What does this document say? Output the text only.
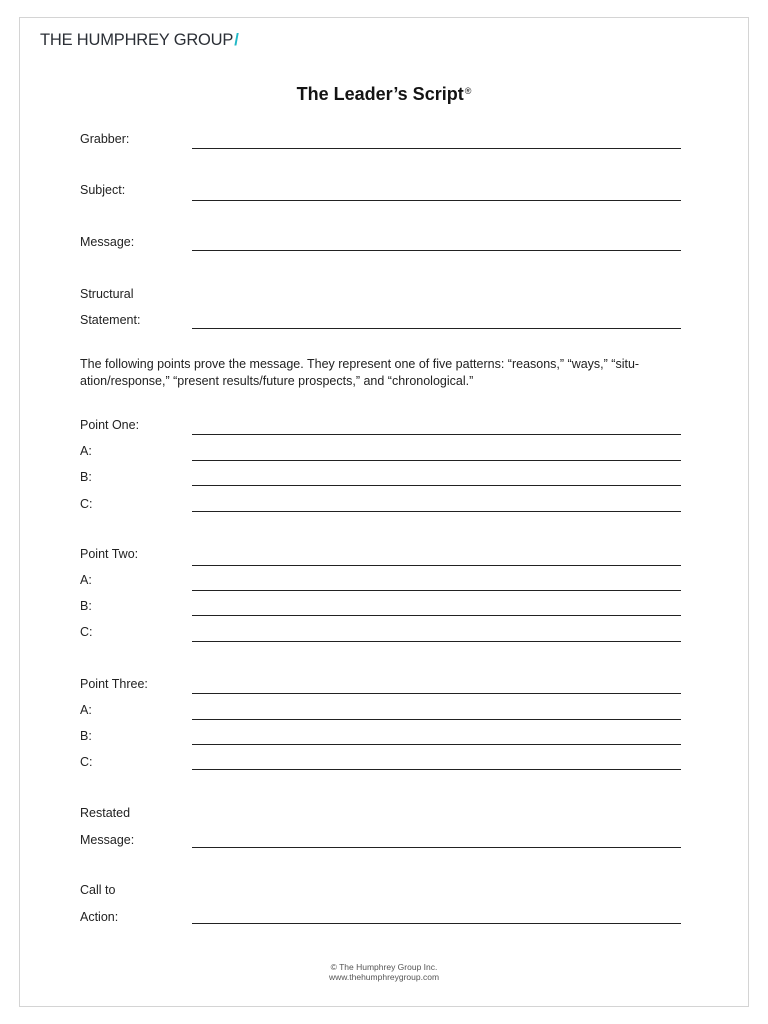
THE HUMPHREY GROUP/
The Leader’s Script®
Grabber:
Subject:
Message:
Structural
Statement:
The following points prove the message. They represent one of five patterns: “reasons,” “ways,” “situation/response,” “present results/future prospects,” and “chronological.”
Point One:
A:
B:
C:
Point Two:
A:
B:
C:
Point Three:
A:
B:
C:
Restated
Message:
Call to
Action:
© The Humphrey Group Inc.
www.thehumphreygroup.com
